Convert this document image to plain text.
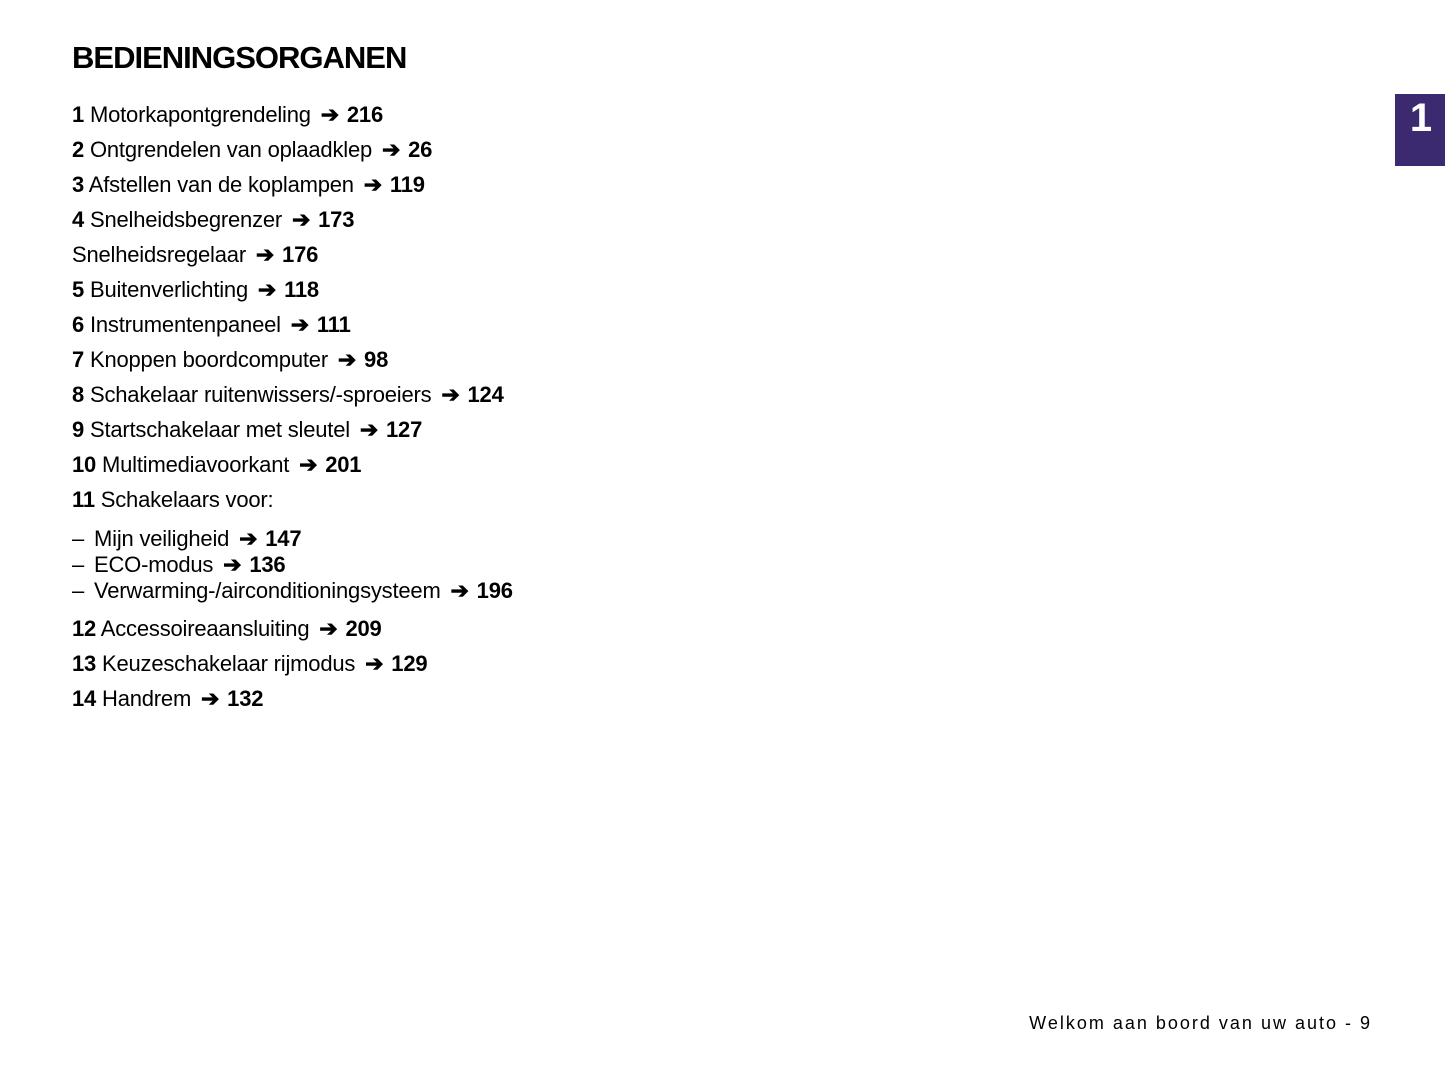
BEDIENINGSORGANEN
1
1 Motorkapontgrendeling ➔ 216
2 Ontgrendelen van oplaadklep ➔ 26
3 Afstellen van de koplampen ➔ 119
4 Snelheidsbegrenzer ➔ 173
Snelheidsregelaar ➔ 176
5 Buitenverlichting ➔ 118
6 Instrumentenpaneel ➔ 111
7 Knoppen boordcomputer ➔ 98
8 Schakelaar ruitenwissers/-sproeiers ➔ 124
9 Startschakelaar met sleutel ➔ 127
10 Multimediavoorkant ➔ 201
11 Schakelaars voor:
– Mijn veiligheid ➔ 147
– ECO-modus ➔ 136
– Verwarming-/airconditioningsysteem ➔ 196
12 Accessoireaansluiting ➔ 209
13 Keuzeschakelaar rijmodus ➔ 129
14 Handrem ➔ 132
Welkom aan boord van uw auto - 9
